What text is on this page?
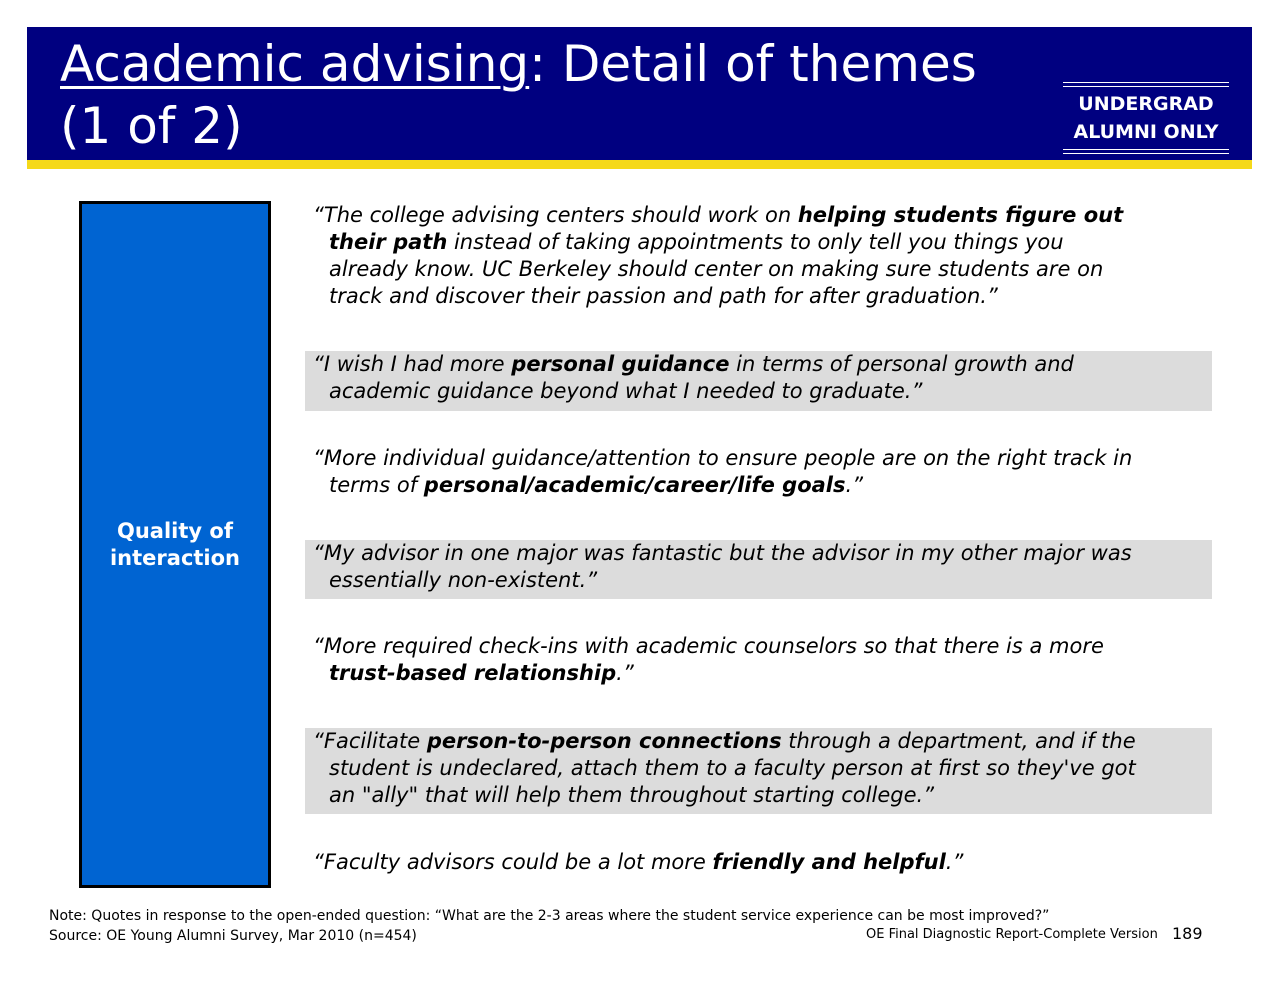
Academic advising: Detail of themes
(1 of 2)	UNDERGRAD
ALUMNI ONLY
Quality of
interaction
“The college advising centers should work on helping students figure out
their path instead of taking appointments to only tell you things you
already know. UC Berkeley should center on making sure students are on
track and discover their passion and path for after graduation.”
“I wish I had more personal guidance in terms of personal growth and
academic guidance beyond what I needed to graduate.”
“More individual guidance/attention to ensure people are on the right track in
terms of personal/academic/career/life goals.”
“My advisor in one major was fantastic but the advisor in my other major was
essentially non-existent.”
“More required check-ins with academic counselors so that there is a more
trust-based relationship.”
“Facilitate person-to-person connections through a department, and if the
student is undeclared, attach them to a faculty person at first so they've got
an "ally" that will help them throughout starting college.”
“Faculty advisors could be a lot more friendly and helpful.”
Note: Quotes in response to the open-ended question: “What are the 2-3 areas where the student service experience can be most improved?”
Source: OE Young Alumni Survey, Mar 2010 (n=454)	OE Final Diagnostic Report-Complete Version 189
